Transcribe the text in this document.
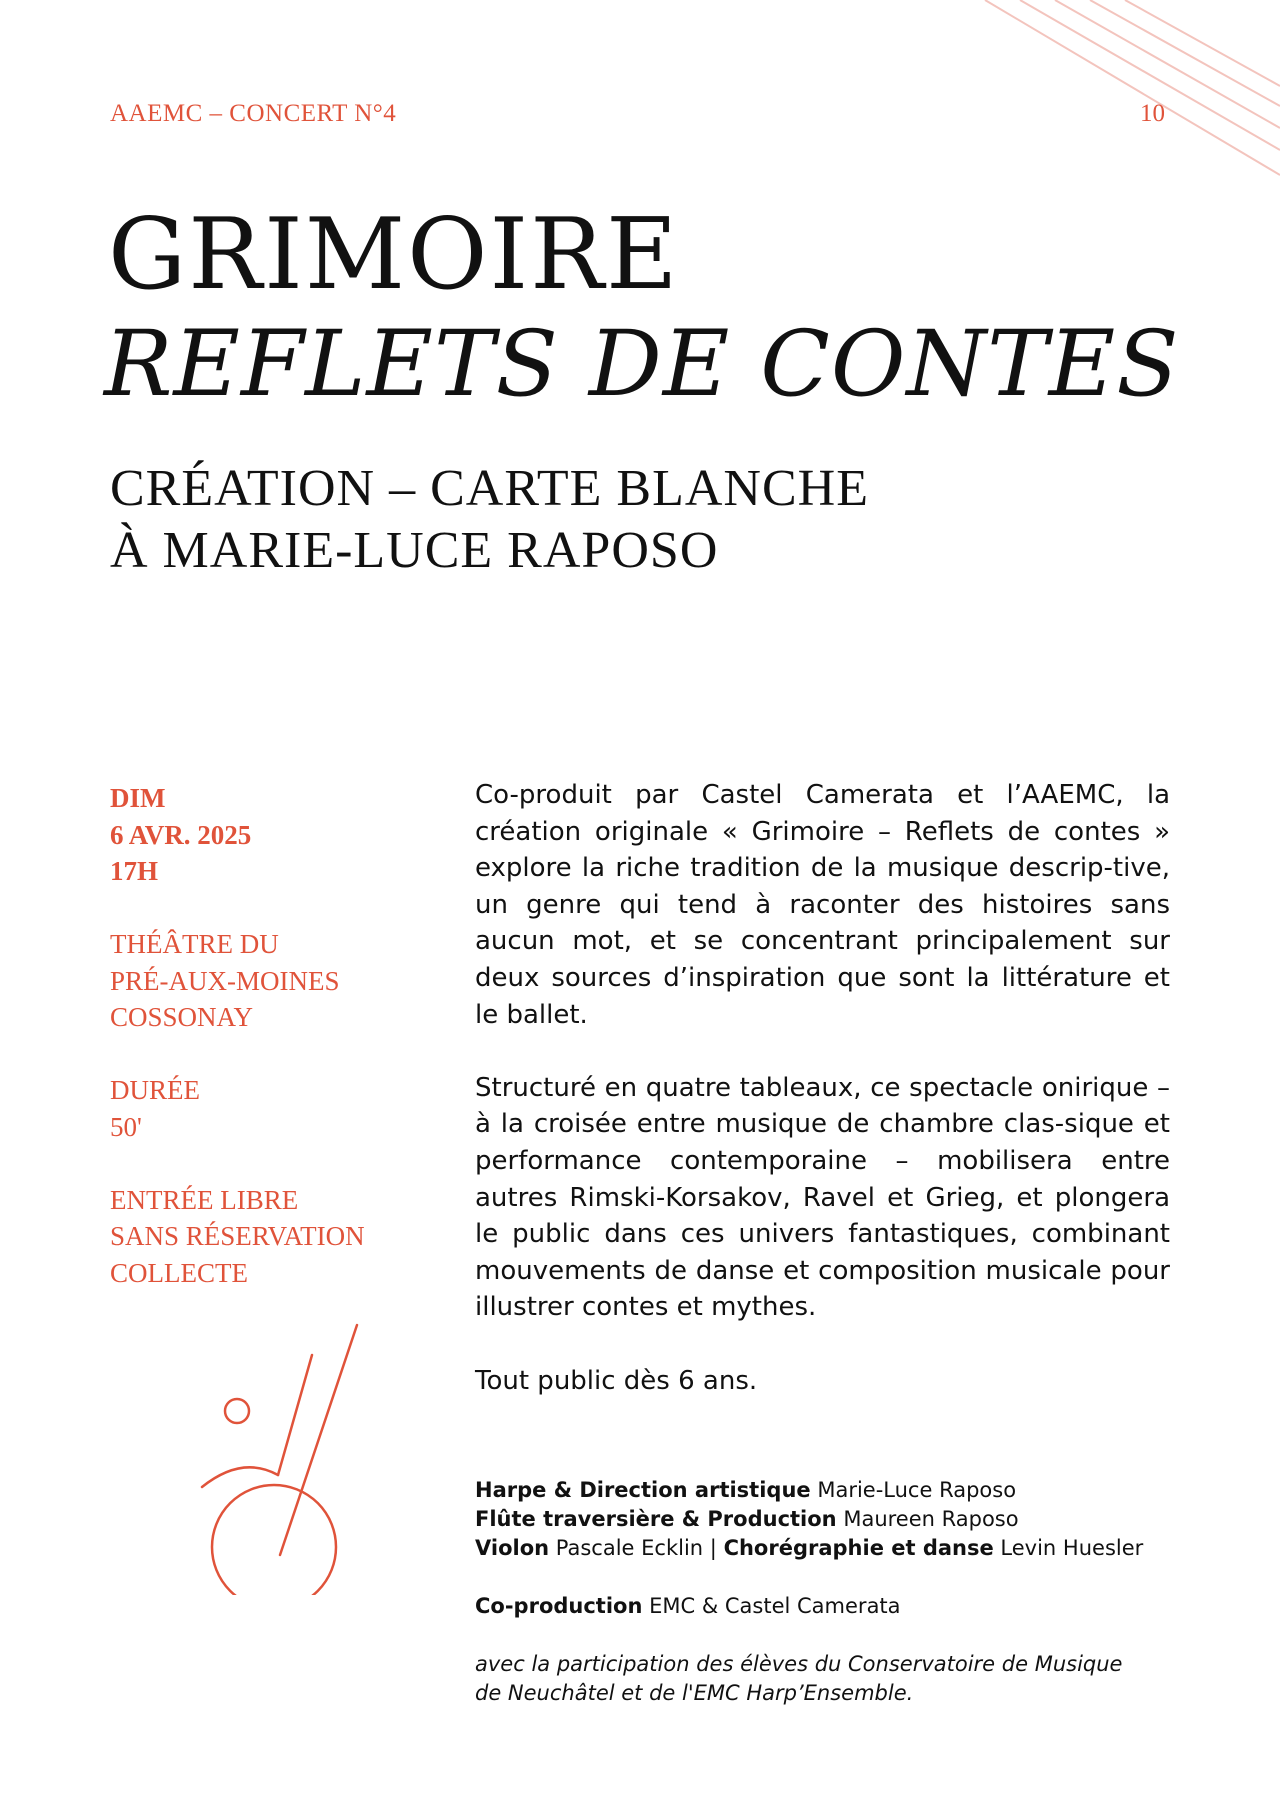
AAEMC – CONCERT N°4	10
GRIMOIRE
REFLETS DE CONTES
CRÉATION – CARTE BLANCHE
À MARIE-LUCE RAPOSO
DIM
6 AVR. 2025
17H
THÉÂTRE DU
PRÉ-AUX-MOINES
COSSONAY
DURÉE
50'
ENTRÉE LIBRE
SANS RÉSERVATION
COLLECTE

Co-produit par Castel Camerata et l’AAEMC, la création originale « Grimoire – Reflets de contes » explore la riche tradition de la musique descrip-tive, un genre qui tend à raconter des histoires sans aucun mot, et se concentrant principalement sur deux sources d’inspiration que sont la littérature et le ballet.

Structuré en quatre tableaux, ce spectacle onirique – à la croisée entre musique de chambre clas-sique et performance contemporaine – mobilisera entre autres Rimski-Korsakov, Ravel et Grieg, et plongera le public dans ces univers fantastiques, combinant mouvements de danse et composition musicale pour illustrer contes et mythes.

Tout public dès 6 ans.

Harpe & Direction artistique Marie-Luce Raposo
Flûte traversière & Production Maureen Raposo
Violon Pascale Ecklin | Chorégraphie et danse Levin Huesler
Co-production EMC & Castel Camerata
avec la participation des élèves du Conservatoire de Musique
de Neuchâtel et de l'EMC Harp’Ensemble.
